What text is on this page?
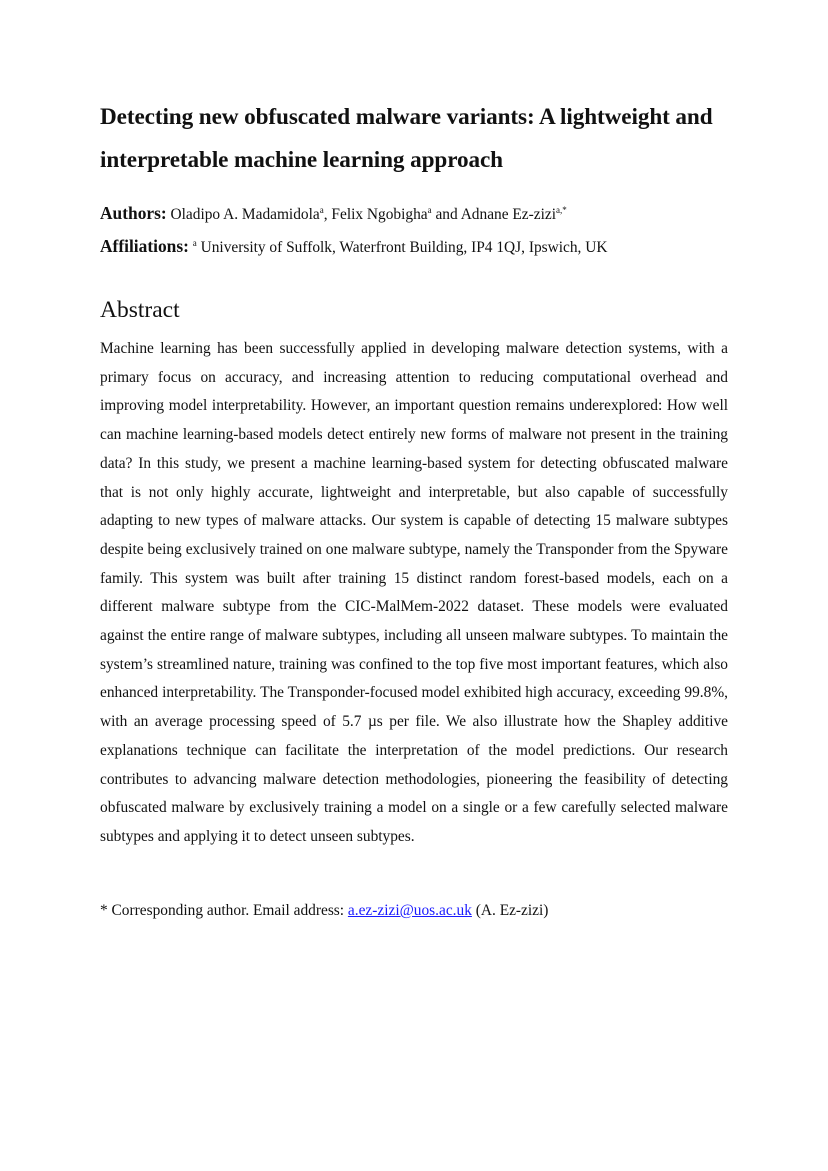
Detecting new obfuscated malware variants: A lightweight and interpretable machine learning approach

Authors: Oladipo A. Madamidola$^a$, Felix Ngobigha$^a$ and Adnane Ez-zizi$^{a,*}$

Affiliations: $^a$ University of Suffolk, Waterfront Building, IP4 1QJ, Ipswich, UK

Abstract

Machine learning has been successfully applied in developing malware detection systems, with a primary focus on accuracy, and increasing attention to reducing computational overhead and improving model interpretability. However, an important question remains underexplored: How well can machine learning-based models detect entirely new forms of malware not present in the training data? In this study, we present a machine learning-based system for detecting obfuscated malware that is not only highly accurate, lightweight and interpretable, but also capable of successfully adapting to new types of malware attacks. Our system is capable of detecting 15 malware subtypes despite being exclusively trained on one malware subtype, namely the Transponder from the Spyware family. This system was built after training 15 distinct random forest-based models, each on a different malware subtype from the CIC-MalMem-2022 dataset. These models were evaluated against the entire range of malware subtypes, including all unseen malware subtypes. To maintain the system’s streamlined nature, training was confined to the top five most important features, which also enhanced interpretability. The Transponder-focused model exhibited high accuracy, exceeding 99.8%, with an average processing speed of 5.7 µs per file. We also illustrate how the Shapley additive explanations technique can facilitate the interpretation of the model predictions. Our research contributes to advancing malware detection methodologies, pioneering the feasibility of detecting obfuscated malware by exclusively training a model on a single or a few carefully selected malware subtypes and applying it to detect unseen subtypes.

* Corresponding author. Email address: a.ez-zizi@uos.ac.uk (A. Ez-zizi)
